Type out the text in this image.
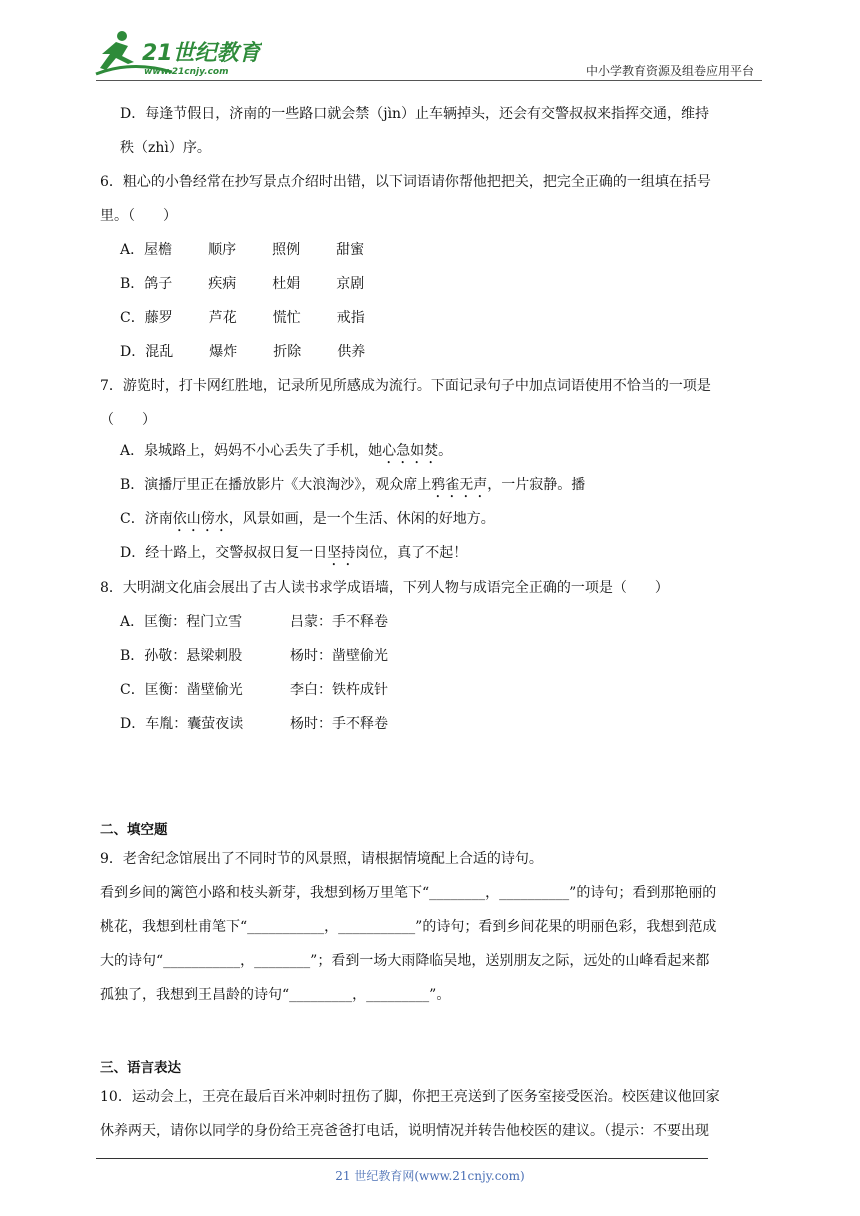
21世纪教育
www.21cnjy.com	中小学教育资源及组卷应用平台
D．每逢节假日，济南的一些路口就会禁（jìn）止车辆掉头，还会有交警叔叔来指挥交通，维持
秩（zhì）序。
6．粗心的小鲁经常在抄写景点介绍时出错，以下词语请你帮他把把关，把完全正确的一组填在括号
里。（　　）
A．屋檐	顺序	照例	甜蜜
B．鸽子	疾病	杜娟	京剧
C．藤罗	芦花	慌忙	戒指
D．混乱	爆炸	折除	供养
7．游览时，打卡网红胜地，记录所见所感成为流行。下面记录句子中加点词语使用不恰当的一项是
（　　）
A．泉城路上，妈妈不小心丢失了手机，她心急如焚。
B．演播厅里正在播放影片《大浪淘沙》，观众席上鸦雀无声，一片寂静。播
C．济南依山傍水，风景如画，是一个生活、休闲的好地方。
D．经十路上，交警叔叔日复一日坚持岗位，真了不起！
8．大明湖文化庙会展出了古人读书求学成语墙，下列人物与成语完全正确的一项是（　　）
A．匡衡：程门立雪	吕蒙：手不释卷
B．孙敬：悬梁刺股	杨时：凿壁偷光
C．匡衡：凿壁偷光	李白：铁杵成针
D．车胤：囊萤夜读	杨时：手不释卷
二、填空题
9．老舍纪念馆展出了不同时节的风景照，请根据情境配上合适的诗句。
看到乡间的篱笆小路和枝头新芽，我想到杨万里笔下“________，__________”的诗句；看到那艳丽的
桃花，我想到杜甫笔下“___________，___________”的诗句；看到乡间花果的明丽色彩，我想到范成
大的诗句“___________，________”；看到一场大雨降临吴地，送别朋友之际，远处的山峰看起来都
孤独了，我想到王昌龄的诗句“_________，_________”。
三、语言表达
10．运动会上，王亮在最后百米冲刺时扭伤了脚，你把王亮送到了医务室接受医治。校医建议他回家
休养两天，请你以同学的身份给王亮爸爸打电话，说明情况并转告他校医的建议。（提示：不要出现
21 世纪教育网(www.21cnjy.com)
